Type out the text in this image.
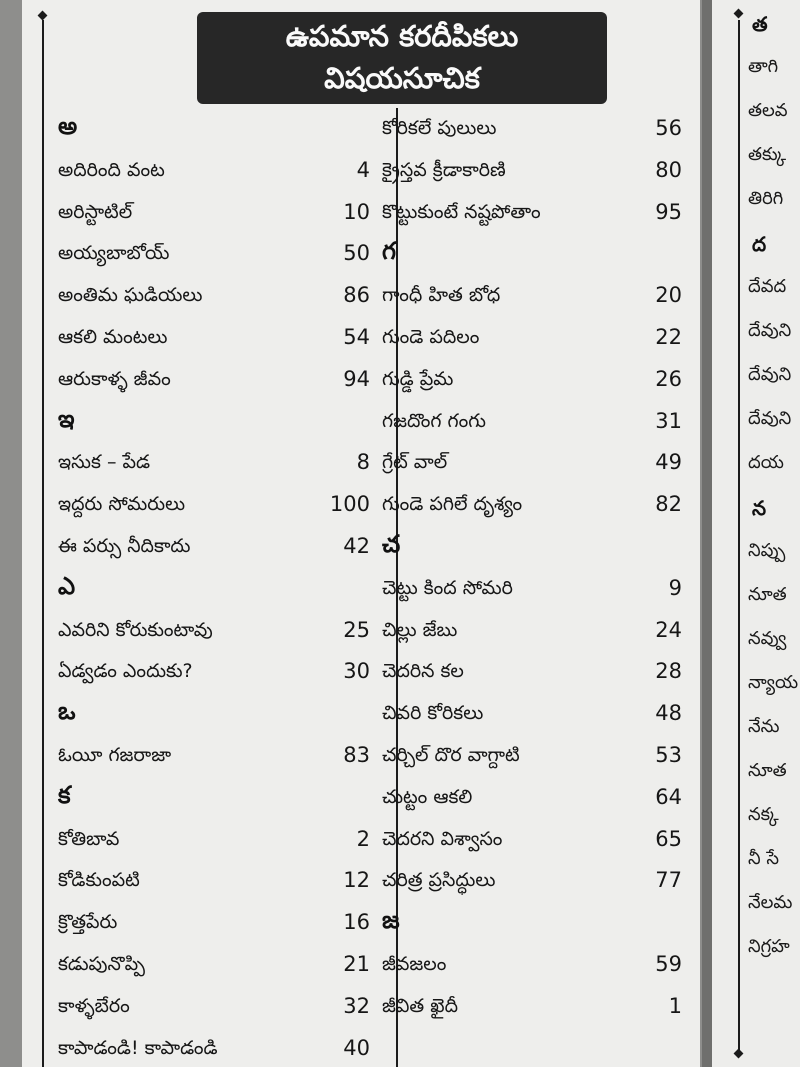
ఉపమాన కరదీపికలు
విషయసూచిక
అ
అదిరింది వంట	4
అరిస్టాటిల్	10
అయ్యబాబోయ్	50
అంతిమ ఘడియలు	86
ఆకలి మంటలు	54
ఆరుకాళ్ళ జీవం	94
ఇ
ఇసుక – పేడ	8
ఇద్దరు సోమరులు	100
ఈ పర్సు నీదికాదు	42
ఎ
ఎవరిని కోరుకుంటావు	25
ఏడ్వడం ఎందుకు?	30
ఒ
ఓయీ గజరాజా	83
క
కోతిబావ	2
కోడికుంపటి	12
క్రొత్తపేరు	16
కడుపునొప్పి	21
కాళ్ళబేరం	32
కాపాడండి! కాపాడండి	40
కోరికలే పులులు	56
క్రైస్తవ క్రీడాకారిణి	80
కొట్టుకుంటే నష్టపోతాం	95
గ
గాంధీ హిత బోధ	20
గుండె పదిలం	22
గుడ్డి ప్రేమ	26
గజదొంగ గంగు	31
గ్రేట్ వాల్	49
గుండె పగిలే దృశ్యం	82
చ
చెట్టు కింద సోమరి	9
చిల్లు జేబు	24
చెదరిన కల	28
చివరి కోరికలు	48
చర్చిల్ దొర వాగ్దాటి	53
చుట్టం ఆకలి	64
చెదరని విశ్వాసం	65
చరిత్ర ప్రసిద్ధులు	77
జ
జీవజలం	59
జీవిత ఖైదీ	1
త
తాగి
తలవ
తక్కు
తిరిగి
ద
దేవద
దేవుని
దేవుని
దేవుని
దయ
న
నిప్పు
నూత
నవ్వు
న్యాయ
నేను
నూత
నక్క
నీ సే
నేలమ
నిగ్రహ
